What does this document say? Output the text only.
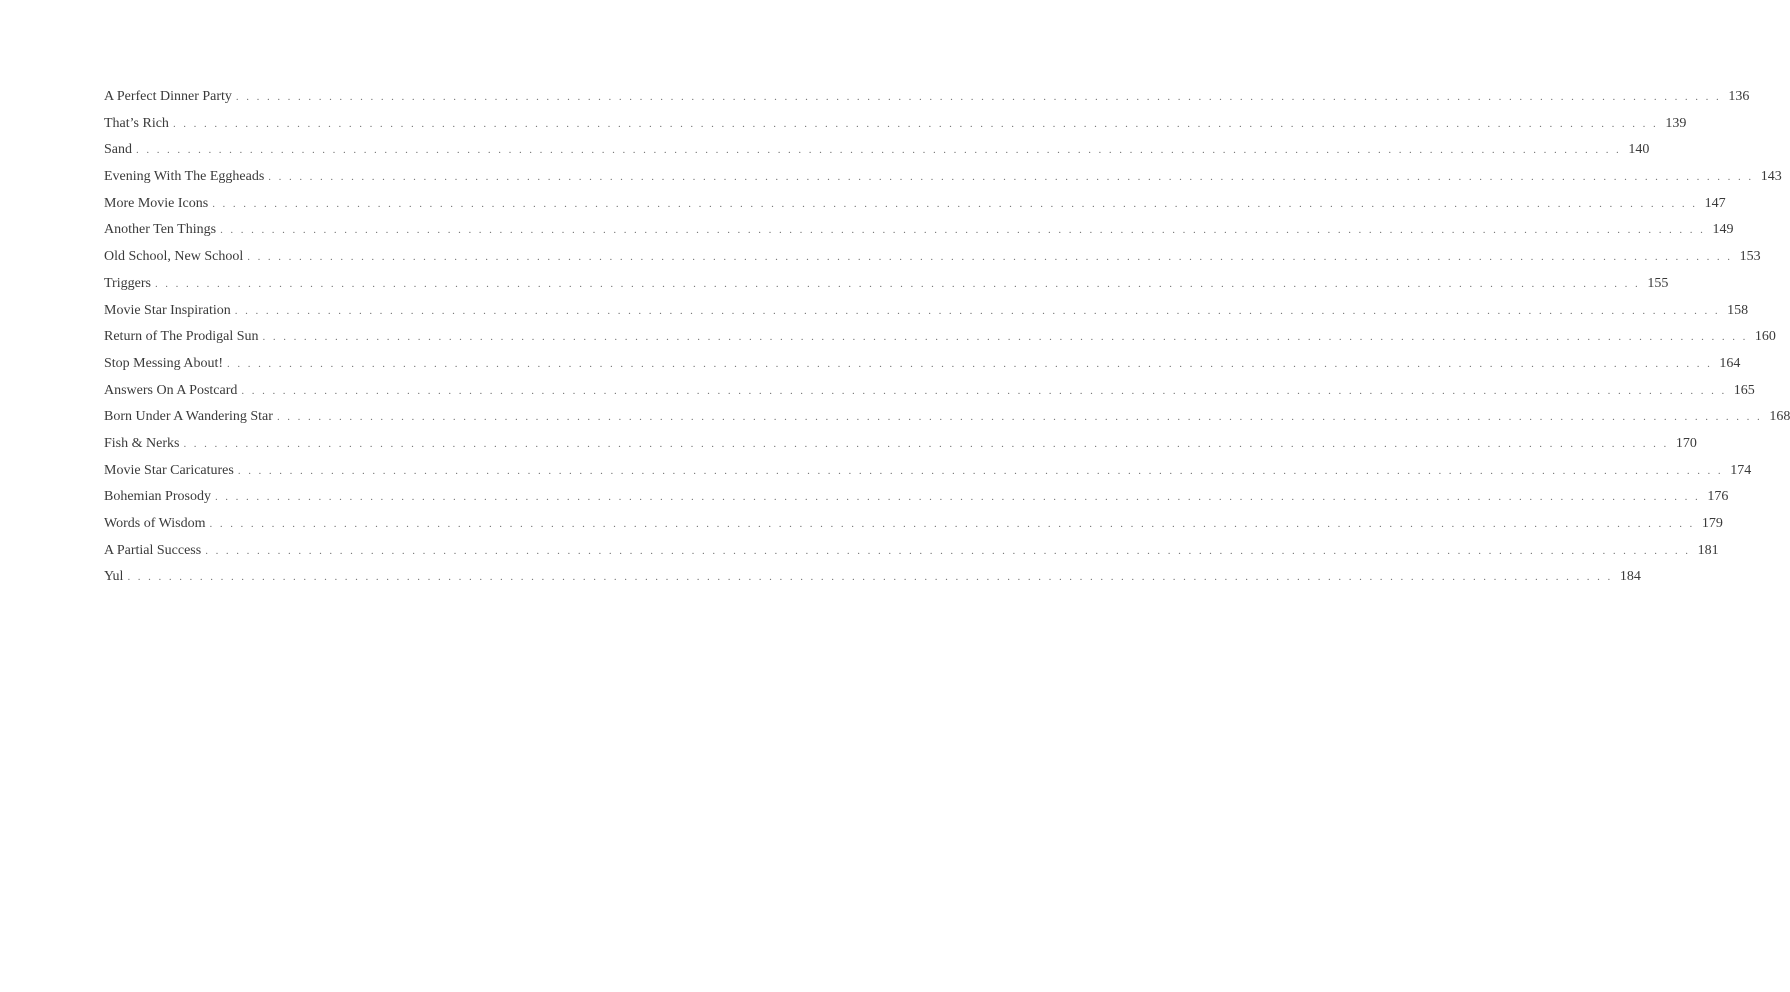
A Perfect Dinner Party ................................................................................................................................................ 136
That’s Rich ................................................................................................................................................ 139
Sand ................................................................................................................................................ 140
Evening With The Eggheads ................................................................................................................................................ 143
More Movie Icons ................................................................................................................................................ 147
Another Ten Things ................................................................................................................................................ 149
Old School, New School ................................................................................................................................................ 153
Triggers ................................................................................................................................................ 155
Movie Star Inspiration ................................................................................................................................................ 158
Return of The Prodigal Sun ................................................................................................................................................ 160
Stop Messing About! ................................................................................................................................................ 164
Answers On A Postcard ................................................................................................................................................ 165
Born Under A Wandering Star ................................................................................................................................................ 168
Fish & Nerks ................................................................................................................................................ 170
Movie Star Caricatures ................................................................................................................................................ 174
Bohemian Prosody ................................................................................................................................................ 176
Words of Wisdom ................................................................................................................................................ 179
A Partial Success ................................................................................................................................................ 181
Yul ................................................................................................................................................ 184
